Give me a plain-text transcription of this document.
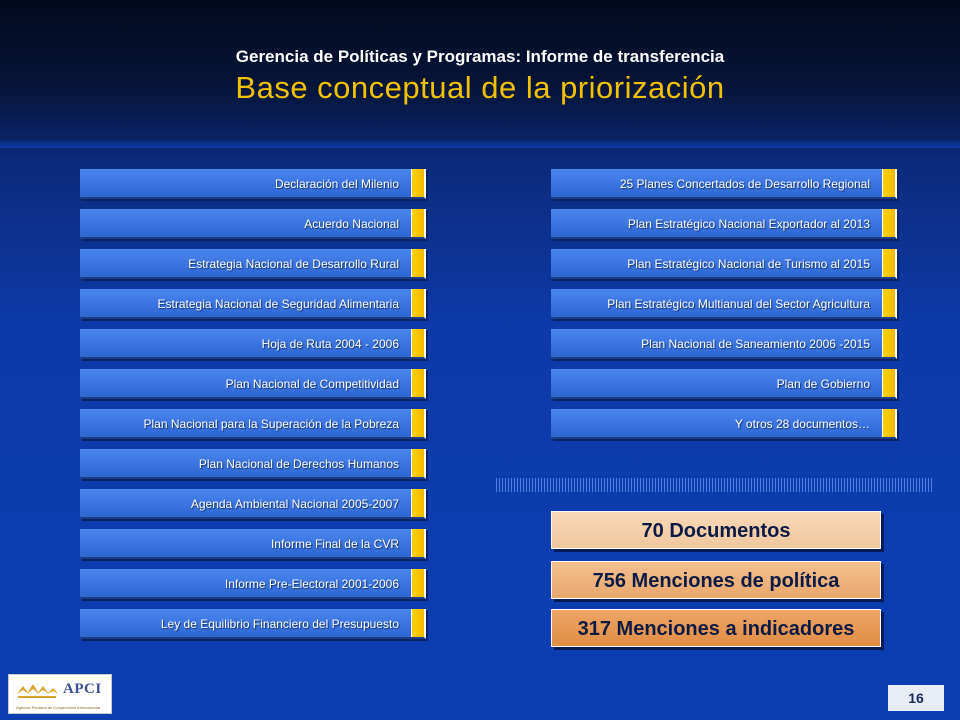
Gerencia de Políticas y Programas: Informe de transferencia
Base conceptual de la priorización
Declaración del Milenio
Acuerdo Nacional
Estrategia Nacional de Desarrollo Rural
Estrategia Nacional de Seguridad Alimentaria
Hoja de Ruta 2004 - 2006
Plan Nacional de Competitividad
Plan Nacional para la Superación de la Pobreza
Plan Nacional de Derechos Humanos
Agenda Ambiental Nacional 2005-2007
Informe Final de la CVR
Informe Pre-Electoral 2001-2006
Ley de Equilibrio Financiero del Presupuesto
25 Planes Concertados de Desarrollo Regional
Plan Estratégico Nacional Exportador al 2013
Plan Estratégico Nacional de Turismo al 2015
Plan Estratégico Multianual del Sector Agricultura
Plan Nacional de Saneamiento 2006 -2015
Plan de Gobierno
Y otros 28 documentos…
70 Documentos
756 Menciones de política
317 Menciones a indicadores
APCI
Agencia Peruana de Cooperación Internacional
16
